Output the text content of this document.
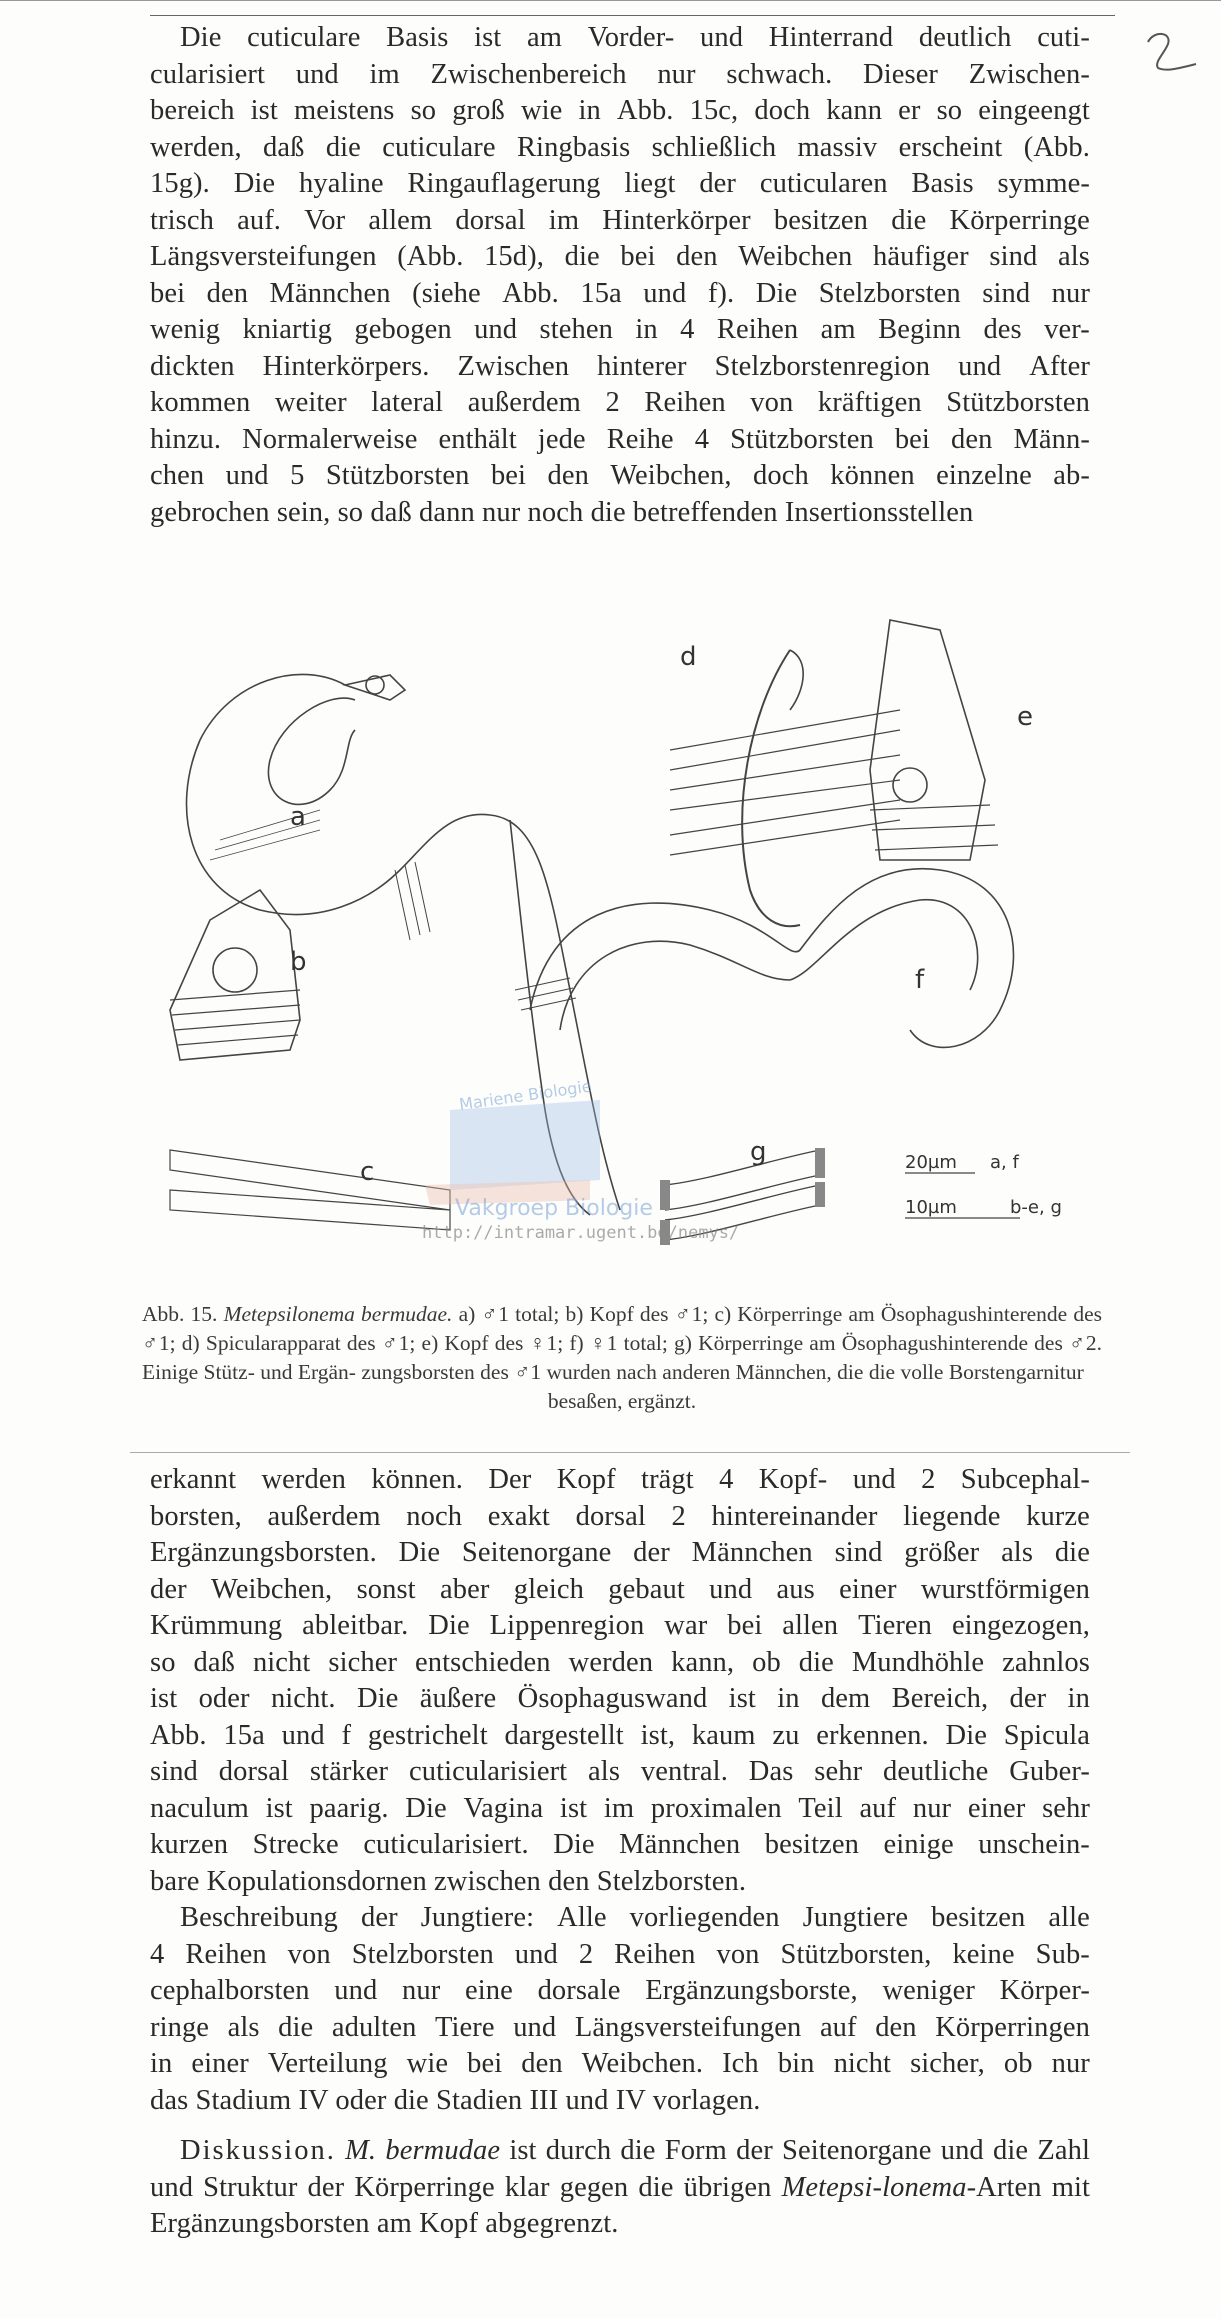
Die cuticulare Basis ist am Vorder- und Hinterrand deutlich cuti-
cularisiert und im Zwischenbereich nur schwach. Dieser Zwischen-
bereich ist meistens so groß wie in Abb. 15c, doch kann er so eingeengt
werden, daß die cuticulare Ringbasis schließlich massiv erscheint (Abb.
15g). Die hyaline Ringauflagerung liegt der cuticularen Basis symme-
trisch auf. Vor allem dorsal im Hinterkörper besitzen die Körperringe
Längsversteifungen (Abb. 15d), die bei den Weibchen häufiger sind als
bei den Männchen (siehe Abb. 15a und f). Die Stelzborsten sind nur
wenig kniartig gebogen und stehen in 4 Reihen am Beginn des ver-
dickten Hinterkörpers. Zwischen hinterer Stelzborstenregion und After
kommen weiter lateral außerdem 2 Reihen von kräftigen Stützborsten
hinzu. Normalerweise enthält jede Reihe 4 Stützborsten bei den Männ-
chen und 5 Stützborsten bei den Weibchen, doch können einzelne ab-
gebrochen sein, so daß dann nur noch die betreffenden Insertionsstellen
Mariene Biologie
Vakgroep Biologie
http://intramar.ugent.be/nemys/
a
b
c
d
e
f
g	20µm a, f
10µm	b-e, g
Abb. 15. Metepsilonema bermudae. a) ♂1 total; b) Kopf des ♂1; c) Körperringe am Ösophagushinterende des ♂1; d) Spicularapparat des ♂1; e) Kopf des ♀1; f) ♀1 total; g) Körperringe am Ösophagushinterende des ♂2. Einige Stütz- und Ergän- zungsborsten des ♂1 wurden nach anderen Männchen, die die volle Borstengarnitur
besaßen, ergänzt.
erkannt werden können. Der Kopf trägt 4 Kopf- und 2 Subcephal-
borsten, außerdem noch exakt dorsal 2 hintereinander liegende kurze
Ergänzungsborsten. Die Seitenorgane der Männchen sind größer als die
der Weibchen, sonst aber gleich gebaut und aus einer wurstförmigen
Krümmung ableitbar. Die Lippenregion war bei allen Tieren eingezogen,
so daß nicht sicher entschieden werden kann, ob die Mundhöhle zahnlos
ist oder nicht. Die äußere Ösophaguswand ist in dem Bereich, der in
Abb. 15a und f gestrichelt dargestellt ist, kaum zu erkennen. Die Spicula
sind dorsal stärker cuticularisiert als ventral. Das sehr deutliche Guber-
naculum ist paarig. Die Vagina ist im proximalen Teil auf nur einer sehr
kurzen Strecke cuticularisiert. Die Männchen besitzen einige unschein-
bare Kopulationsdornen zwischen den Stelzborsten.
Beschreibung der Jungtiere: Alle vorliegenden Jungtiere besitzen alle
4 Reihen von Stelzborsten und 2 Reihen von Stützborsten, keine Sub-
cephalborsten und nur eine dorsale Ergänzungsborste, weniger Körper-
ringe als die adulten Tiere und Längsversteifungen auf den Körperringen
in einer Verteilung wie bei den Weibchen. Ich bin nicht sicher, ob nur
das Stadium IV oder die Stadien III und IV vorlagen.

Diskussion. M. bermudae ist durch die Form der Seitenorgane und die Zahl und Struktur der Körperringe klar gegen die übrigen Metepsi-lonema-Arten mit Ergänzungsborsten am Kopf abgegrenzt.
